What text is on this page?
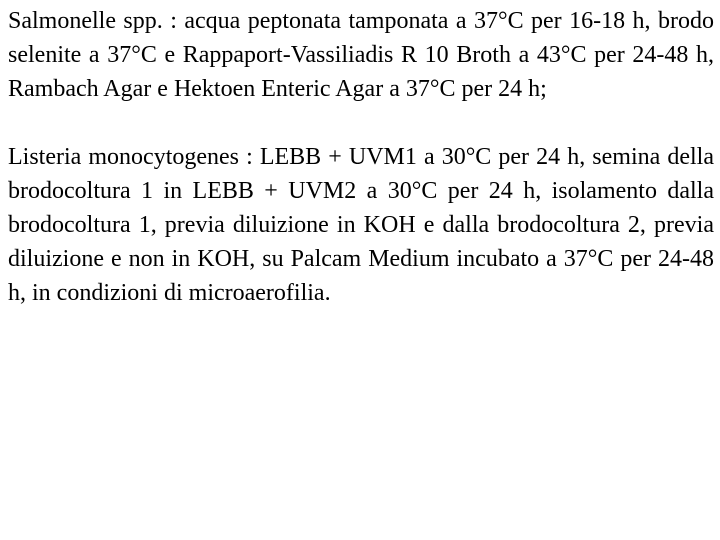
Salmonelle spp. : acqua peptonata tamponata a 37°C per 16-18 h, brodo selenite a 37°C e Rappaport-Vassiliadis R 10 Broth a 43°C per 24-48 h, Rambach Agar e Hektoen Enteric Agar a 37°C per 24 h;

Listeria monocytogenes : LEBB + UVM1 a 30°C per 24 h, semina della brodocoltura 1 in LEBB + UVM2 a 30°C per 24 h, isolamento dalla brodocoltura 1, previa diluizione in KOH e dalla brodocoltura 2, previa diluizione e non in KOH, su Palcam Medium incubato a 37°C per 24-48 h, in condizioni di microaerofilia.
